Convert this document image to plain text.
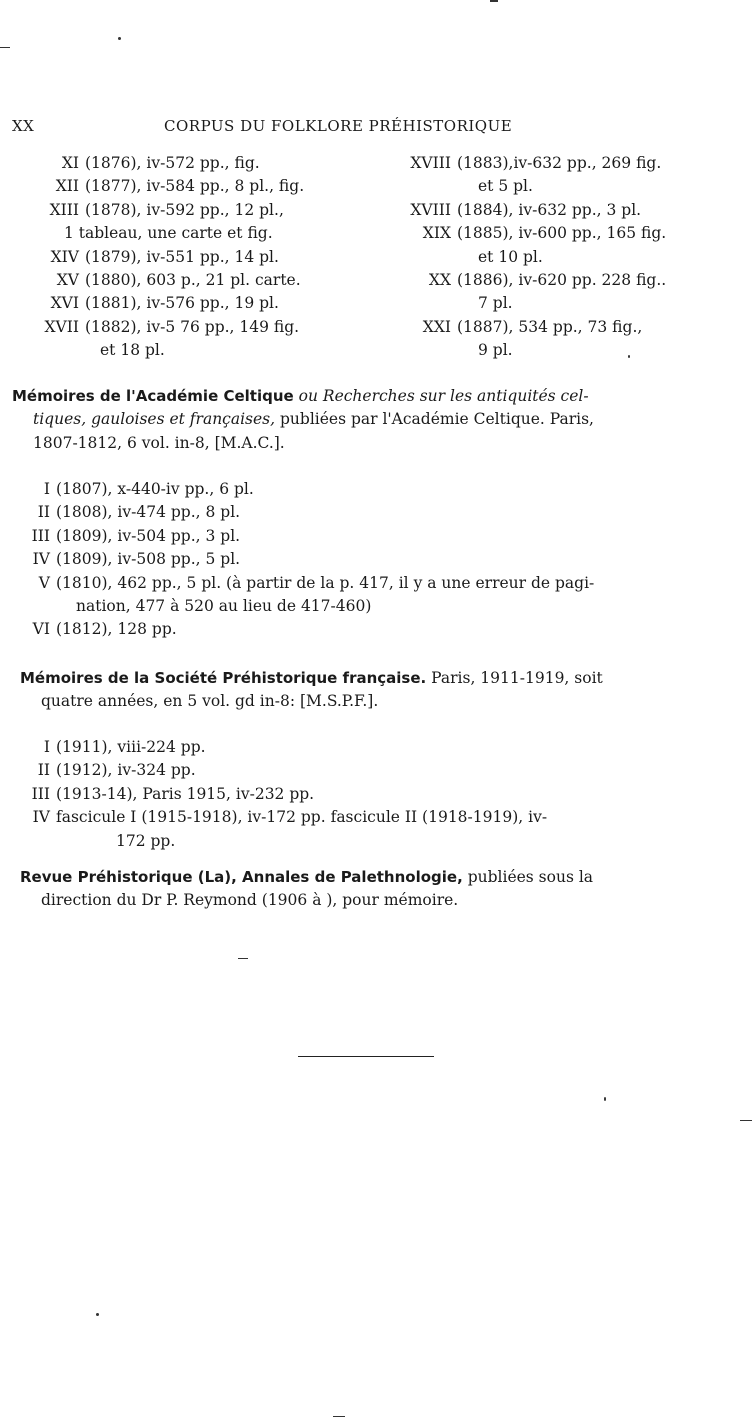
XX	CORPUS DU FOLKLORE PRÉHISTORIQUE
XI (1876), iv-572 pp., fig.
XII (1877), iv-584 pp., 8 pl., fig.
XIII (1878), iv-592 pp., 12 pl.,
1 tableau, une carte et fig.
XIV (1879), iv-551 pp., 14 pl.
XV (1880), 603 p., 21 pl. carte.
XVI (1881), iv-576 pp., 19 pl.
XVII (1882), iv-5 76 pp., 149 fig.
et 18 pl.
XVIII (1883),iv-632 pp., 269 fig.
et 5 pl.
XVIII (1884), iv-632 pp., 3 pl.
XIX (1885), iv-600 pp., 165 fig.
et 10 pl.
XX (1886), iv-620 pp. 228 fig..
7 pl.
XXI (1887), 534 pp., 73 fig.,
9 pl.
Mémoires de l'Académie Celtique ou Recherches sur les antiquités cel-
tiques, gauloises et françaises, publiées par l'Académie Celtique. Paris,
1807-1812, 6 vol. in-8, [M.A.C.].
I (1807), x-440-iv pp., 6 pl.
II (1808), iv-474 pp., 8 pl.
III (1809), iv-504 pp., 3 pl.
IV (1809), iv-508 pp., 5 pl.
V (1810), 462 pp., 5 pl. (à partir de la p. 417, il y a une erreur de pagi-
nation, 477 à 520 au lieu de 417-460)
VI (1812), 128 pp.
Mémoires de la Société Préhistorique française. Paris, 1911-1919, soit
quatre années, en 5 vol. gd in-8: [M.S.P.F.].
I (1911), viii-224 pp.
II (1912), iv-324 pp.
III (1913-14), Paris 1915, iv-232 pp.
IV fascicule I (1915-1918), iv-172 pp. fascicule II (1918-1919), iv-
172 pp.
Revue Préhistorique (La), Annales de Palethnologie, publiées sous la
direction du Dr P. Reymond (1906 à ), pour mémoire.
